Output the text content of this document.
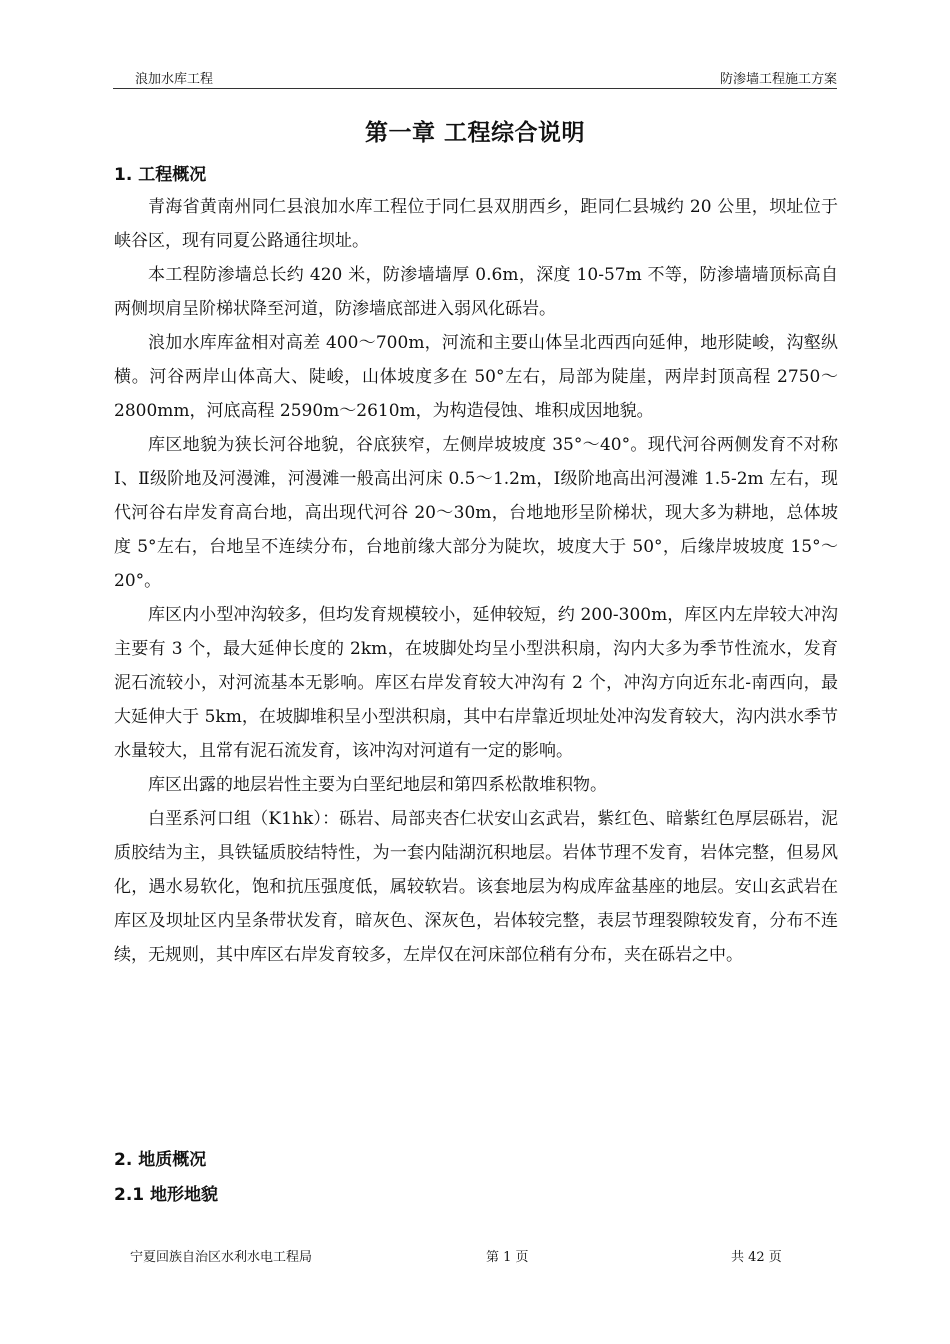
浪加水库工程	防渗墙工程施工方案
第一章 工程综合说明
1. 工程概况

青海省黄南州同仁县浪加水库工程位于同仁县双朋西乡，距同仁县城约 20 公里，坝址位于峡谷区，现有同夏公路通往坝址。

本工程防渗墙总长约 420 米，防渗墙墙厚 0.6m，深度 10-57m 不等，防渗墙墙顶标高自两侧坝肩呈阶梯状降至河道，防渗墙底部进入弱风化砾岩。

浪加水库库盆相对高差 400～700m，河流和主要山体呈北西西向延伸，地形陡峻，沟壑纵横。河谷两岸山体高大、陡峻，山体坡度多在 50°左右，局部为陡崖，两岸封顶高程 2750～2800mm，河底高程 2590m～2610m，为构造侵蚀、堆积成因地貌。

库区地貌为狭长河谷地貌，谷底狭窄，左侧岸坡坡度 35°～40°。现代河谷两侧发育不对称Ⅰ、Ⅱ级阶地及河漫滩，河漫滩一般高出河床 0.5～1.2m，Ⅰ级阶地高出河漫滩 1.5-2m 左右，现代河谷右岸发育高台地，高出现代河谷 20～30m，台地地形呈阶梯状，现大多为耕地，总体坡度 5°左右，台地呈不连续分布，台地前缘大部分为陡坎，坡度大于 50°，后缘岸坡坡度 15°～20°。

库区内小型冲沟较多，但均发育规模较小，延伸较短，约 200-300m，库区内左岸较大冲沟主要有 3 个，最大延伸长度的 2km，在坡脚处均呈小型洪积扇，沟内大多为季节性流水，发育泥石流较小，对河流基本无影响。库区右岸发育较大冲沟有 2 个，冲沟方向近东北-南西向，最大延伸大于 5km，在坡脚堆积呈小型洪积扇，其中右岸靠近坝址处冲沟发育较大，沟内洪水季节水量较大，且常有泥石流发育，该冲沟对河道有一定的影响。

库区出露的地层岩性主要为白垩纪地层和第四系松散堆积物。

白垩系河口组（K1hk）：砾岩、局部夹杏仁状安山玄武岩，紫红色、暗紫红色厚层砾岩，泥质胶结为主，具铁锰质胶结特性，为一套内陆湖沉积地层。岩体节理不发育，岩体完整，但易风化，遇水易软化，饱和抗压强度低，属较软岩。该套地层为构成库盆基座的地层。安山玄武岩在库区及坝址区内呈条带状发育，暗灰色、深灰色，岩体较完整，表层节理裂隙较发育，分布不连续，无规则，其中库区右岸发育较多，左岸仅在河床部位稍有分布，夹在砾岩之中。

2. 地质概况
2.1 地形地貌
宁夏回族自治区水利水电工程局	第 1 页	共 42 页
